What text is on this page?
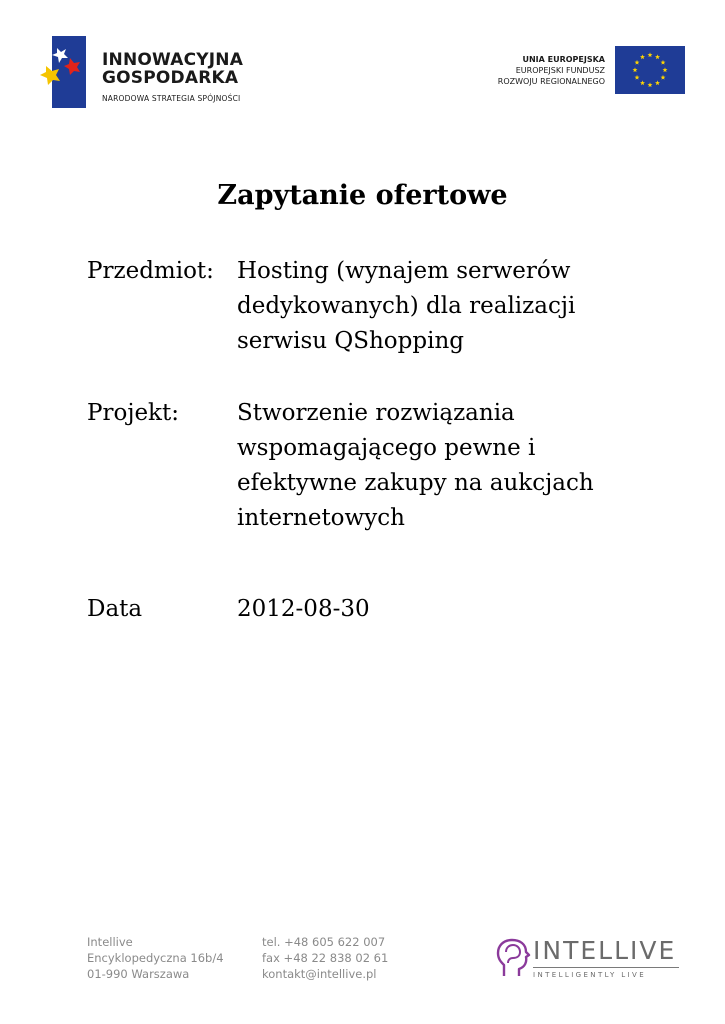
INNOWACYJNA
GOSPODARKA
NARODOWA STRATEGIA SPÓJNOŚCI
UNIA EUROPEJSKA
EUROPEJSKI FUNDUSZ
ROZWOJU REGIONALNEGO
Zapytanie ofertowe
Przedmiot: Hosting (wynajem serwerów
dedykowanych) dla realizacji
serwisu QShopping
Projekt:	Stworzenie rozwiązania
wspomagającego pewne i
efektywne zakupy na aukcjach
internetowych
Data	2012-08-30
Intellive
Encyklopedyczna 16b/4
01-990 Warszawa
tel. +48 605 622 007
fax +48 22 838 02 61
kontakt@intellive.pl
INTELLIVE
INTELLIGENTLY LIVE
